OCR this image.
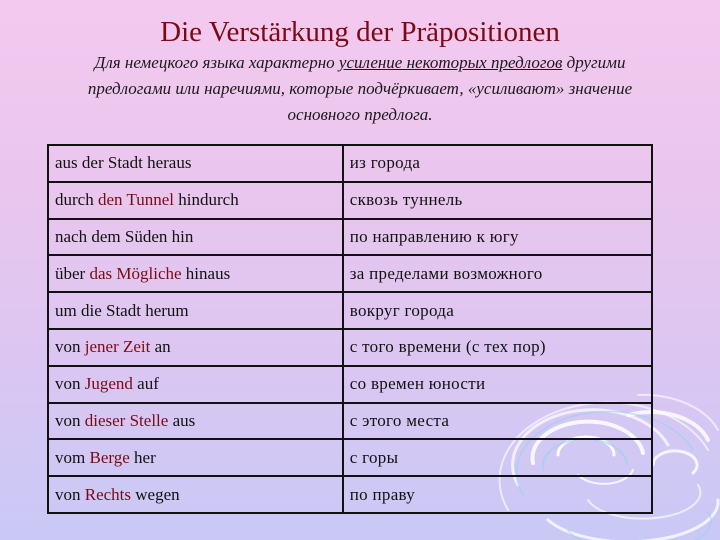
Die Verstärkung der Präpositionen
Для немецкого языка характерно усиление некоторых предлогов другими предлогами или наречиями, которые подчёркивает, «усиливают» значение основного предлога.
aus der Stadt heraus	из города
durch den Tunnel hindurch	сквозь туннель
nach dem Süden hin	по направлению к югу
über das Mögliche hinaus	за пределами возможного
um die Stadt herum	вокруг города
von jener Zeit an	с того времени (с тех пор)
von Jugend auf	со времен юности
von dieser Stelle aus	с этого места
vom Berge her	с горы
von Rechts wegen	по праву
